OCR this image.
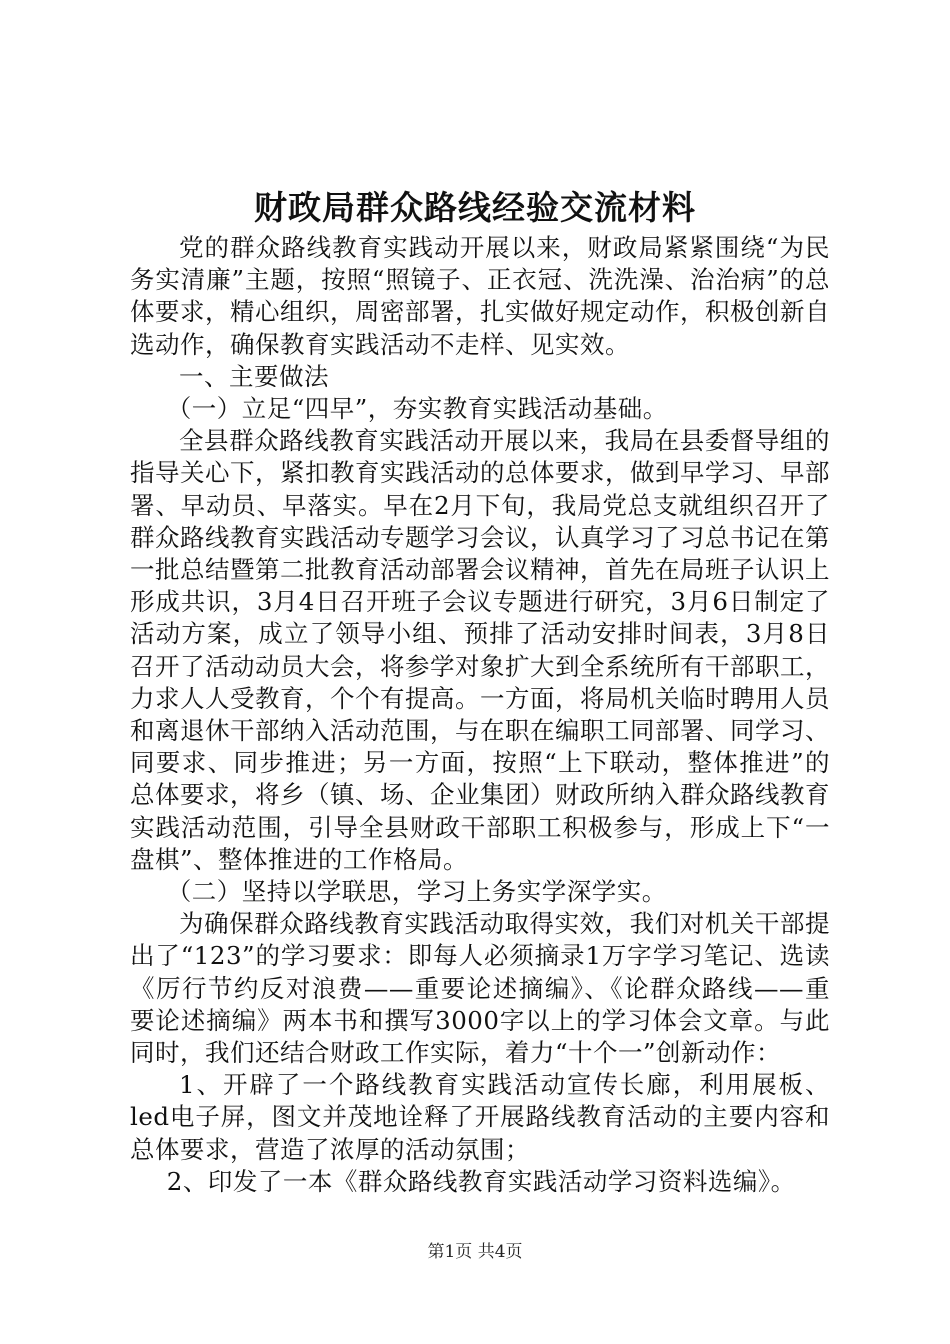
财政局群众路线经验交流材料

党的群众路线教育实践动开展以来，财政局紧紧围绕“为民务实清廉”主题，按照“照镜子、正衣冠、洗洗澡、治治病”的总体要求，精心组织，周密部署，扎实做好规定动作，积极创新自选动作，确保教育实践活动不走样、见实效。

一、主要做法

（一）立足“四早”，夯实教育实践活动基础。

全县群众路线教育实践活动开展以来，我局在县委督导组的指导关心下，紧扣教育实践活动的总体要求，做到早学习、早部署、早动员、早落实。早在2月下旬，我局党总支就组织召开了群众路线教育实践活动专题学习会议，认真学习了习总书记在第一批总结暨第二批教育活动部署会议精神，首先在局班子认识上形成共识，3月4日召开班子会议专题进行研究，3月6日制定了活动方案，成立了领导小组、预排了活动安排时间表，3月8日召开了活动动员大会，将参学对象扩大到全系统所有干部职工，力求人人受教育，个个有提高。一方面，将局机关临时聘用人员和离退休干部纳入活动范围，与在职在编职工同部署、同学习、同要求、同步推进；另一方面，按照“上下联动，整体推进”的总体要求，将乡（镇、场、企业集团）财政所纳入群众路线教育实践活动范围，引导全县财政干部职工积极参与，形成上下“一盘棋”、整体推进的工作格局。

（二）坚持以学联思，学习上务实学深学实。

为确保群众路线教育实践活动取得实效，我们对机关干部提出了“123”的学习要求：即每人必须摘录1万字学习笔记、选读《厉行节约反对浪费——重要论述摘编》、《论群众路线——重要论述摘编》两本书和撰写3000字以上的学习体会文章。与此同时，我们还结合财政工作实际，着力“十个一”创新动作：

1、开辟了一个路线教育实践活动宣传长廊，利用展板、led电子屏，图文并茂地诠释了开展路线教育活动的主要内容和总体要求，营造了浓厚的活动氛围；

2、印发了一本《群众路线教育实践活动学习资料选编》。

第1页 共4页
